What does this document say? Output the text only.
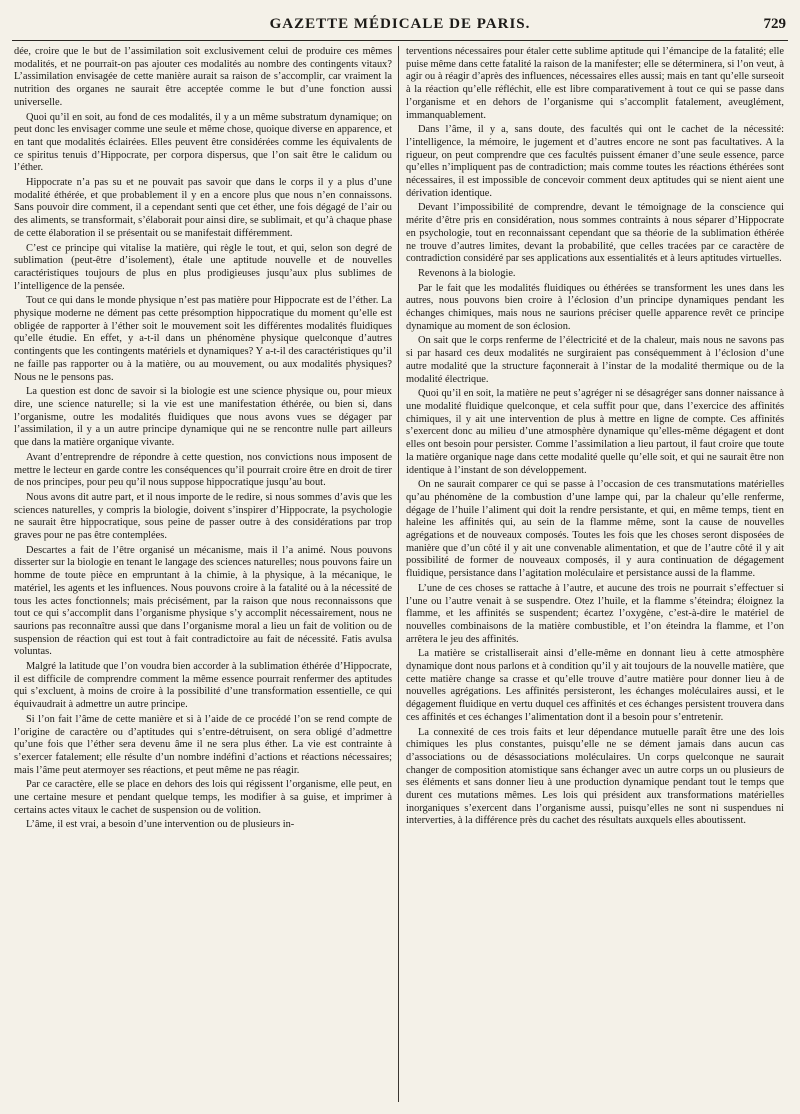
GAZETTE MÉDICALE DE PARIS.	729

dée, croire que le but de l’assimilation soit exclusivement celui de produire ces mêmes modalités, et ne pourrait-on pas ajouter ces modalités au nombre des contingents vitaux? L’assimilation envisagée de cette manière aurait sa raison de s’accomplir, car vraiment la nutrition des organes ne saurait être acceptée comme le but d’une fonction aussi universelle.

Quoi qu’il en soit, au fond de ces modalités, il y a un même substratum dynamique; on peut donc les envisager comme une seule et même chose, quoique diverse en apparence, et en tant que modalités éclairées. Elles peuvent être considérées comme les équivalents de ce spiritus tenuis d’Hippocrate, per corpora dispersus, que l’on sait être le calidum ou l’éther.

Hippocrate n’a pas su et ne pouvait pas savoir que dans le corps il y a plus d’une modalité éthérée, et que probablement il y en a encore plus que nous n’en connaissons. Sans pouvoir dire comment, il a cependant senti que cet éther, une fois dégagé de l’air ou des aliments, se transformait, s’élaborait pour ainsi dire, se sublimait, et qu’à chaque phase de cette élaboration il se présentait ou se manifestait différemment.

C’est ce principe qui vitalise la matière, qui règle le tout, et qui, selon son degré de sublimation (peut-être d’isolement), étale une aptitude nouvelle et de nouvelles caractéristiques toujours de plus en plus prodigieuses jusqu’aux plus sublimes de l’intelligence de la pensée.

Tout ce qui dans le monde physique n’est pas matière pour Hippocrate est de l’éther. La physique moderne ne dément pas cette présomption hippocratique du moment qu’elle est obligée de rapporter à l’éther soit le mouvement soit les différentes modalités fluidiques qu’elle étudie. En effet, y a-t-il dans un phénomène physique quelconque d’autres contingents que les contingents matériels et dynamiques? Y a-t-il des caractéristiques qu’il ne faille pas rapporter ou à la matière, ou au mouvement, ou aux modalités physiques? Nous ne le pensons pas.

La question est donc de savoir si la biologie est une science physique ou, pour mieux dire, une science naturelle; si la vie est une manifestation éthérée, ou bien si, dans l’organisme, outre les modalités fluidiques que nous avons vues se dégager par l’assimilation, il y a un autre principe dynamique qui ne se rencontre nulle part ailleurs que dans la matière organique vivante.

Avant d’entreprendre de répondre à cette question, nos convictions nous imposent de mettre le lecteur en garde contre les conséquences qu’il pourrait croire être en droit de tirer de nos principes, pour peu qu’il nous suppose hippocratique jusqu’au bout.

Nous avons dit autre part, et il nous importe de le redire, si nous sommes d’avis que les sciences naturelles, y compris la biologie, doivent s’inspirer d’Hippocrate, la psychologie ne saurait être hippocratique, sous peine de passer outre à des considérations par trop graves pour ne pas être contemplées.

Descartes a fait de l’être organisé un mécanisme, mais il l’a animé. Nous pouvons disserter sur la biologie en tenant le langage des sciences naturelles; nous pouvons faire un homme de toute pièce en empruntant à la chimie, à la physique, à la mécanique, le matériel, les agents et les influences. Nous pouvons croire à la fatalité ou à la nécessité de tous les actes fonctionnels; mais précisément, par la raison que nous reconnaissons que tout ce qui s’accomplit dans l’organisme physique s’y accomplit nécessairement, nous ne saurions pas reconnaître aussi que dans l’organisme moral a lieu un fait de volition ou de suspension de réaction qui est tout à fait contradictoire au fait de nécessité. Fatis avulsa voluntas.

Malgré la latitude que l’on voudra bien accorder à la sublimation éthérée d’Hippocrate, il est difficile de comprendre comment la même essence pourrait renfermer des aptitudes qui s’excluent, à moins de croire à la possibilité d’une transformation essentielle, ce qui équivaudrait à admettre un autre principe.

Si l’on fait l’âme de cette manière et si à l’aide de ce procédé l’on se rend compte de l’origine de caractère ou d’aptitudes qui s’entre-détruisent, on sera obligé d’admettre qu’une fois que l’éther sera devenu âme il ne sera plus éther. La vie est contrainte à s’exercer fatalement; elle résulte d’un nombre indéfini d’actions et réactions nécessaires; mais l’âme peut atermoyer ses réactions, et peut même ne pas réagir.

Par ce caractère, elle se place en dehors des lois qui régissent l’organisme, elle peut, en une certaine mesure et pendant quelque temps, les modifier à sa guise, et imprimer à certains actes vitaux le cachet de suspension ou de volition.

L’âme, il est vrai, a besoin d’une intervention ou de plusieurs in-

terventions nécessaires pour étaler cette sublime aptitude qui l’émancipe de la fatalité; elle puise même dans cette fatalité la raison de la manifester; elle se déterminera, si l’on veut, à agir ou à réagir d’après des influences, nécessaires elles aussi; mais en tant qu’elle surseoit à la réaction qu’elle réfléchit, elle est libre comparativement à tout ce qui se passe dans l’organisme et en dehors de l’organisme qui s’accomplit fatalement, aveuglément, immanquablement.

Dans l’âme, il y a, sans doute, des facultés qui ont le cachet de la nécessité: l’intelligence, la mémoire, le jugement et d’autres encore ne sont pas facultatives. A la rigueur, on peut comprendre que ces facultés puissent émaner d’une seule essence, parce qu’elles n’impliquent pas de contradiction; mais comme toutes les réactions éthérées sont nécessaires, il est impossible de concevoir comment deux aptitudes qui se nient aient une dérivation identique.

Devant l’impossibilité de comprendre, devant le témoignage de la conscience qui mérite d’être pris en considération, nous sommes contraints à nous séparer d’Hippocrate en psychologie, tout en reconnaissant cependant que sa théorie de la sublimation éthérée ne trouve d’autres limites, devant la probabilité, que celles tracées par ce caractère de contradiction considéré par ses applications aux essentialités et à leurs aptitudes virtuelles.

Revenons à la biologie.

Par le fait que les modalités fluidiques ou éthérées se transforment les unes dans les autres, nous pouvons bien croire à l’éclosion d’un principe dynamiques pendant les échanges chimiques, mais nous ne saurions préciser quelle apparence revêt ce principe dynamique au moment de son éclosion.

On sait que le corps renferme de l’électricité et de la chaleur, mais nous ne savons pas si par hasard ces deux modalités ne surgiraient pas conséquemment à l’éclosion d’une autre modalité que la structure façonnerait à l’instar de la modalité thermique ou de la modalité électrique.

Quoi qu’il en soit, la matière ne peut s’agréger ni se désagréger sans donner naissance à une modalité fluidique quelconque, et cela suffit pour que, dans l’exercice des affinités chimiques, il y ait une intervention de plus à mettre en ligne de compte. Ces affinités s’exercent donc au milieu d’une atmosphère dynamique qu’elles-même dégagent et dont elles ont besoin pour persister. Comme l’assimilation a lieu partout, il faut croire que toute la matière organique nage dans cette modalité quelle qu’elle soit, et qui ne saurait être non identique à l’instant de son développement.

On ne saurait comparer ce qui se passe à l’occasion de ces transmutations matérielles qu’au phénomène de la combustion d’une lampe qui, par la chaleur qu’elle renferme, dégage de l’huile l’aliment qui doit la rendre persistante, et qui, en même temps, tient en haleine les affinités qui, au sein de la flamme même, sont la cause de nouvelles agrégations et de nouveaux composés. Toutes les fois que les choses seront disposées de manière que d’un côté il y ait une convenable alimentation, et que de l’autre côté il y ait possibilité de former de nouveaux composés, il y aura continuation de dégagement fluidique, persistance dans l’agitation moléculaire et persistance aussi de la flamme.

L’une de ces choses se rattache à l’autre, et aucune des trois ne pourrait s’effectuer si l’une ou l’autre venait à se suspendre. Otez l’huile, et la flamme s’éteindra; éloignez la flamme, et les affinités se suspendent; écartez l’oxygène, c’est-à-dire le matériel de nouvelles combinaisons de la matière combustible, et l’on éteindra la flamme, et l’on arrêtera le jeu des affinités.

La matière se cristalliserait ainsi d’elle-même en donnant lieu à cette atmosphère dynamique dont nous parlons et à condition qu’il y ait toujours de la nouvelle matière, que cette matière change sa crasse et qu’elle trouve d’autre matière pour donner lieu à de nouvelles agrégations. Les affinités persisteront, les échanges moléculaires aussi, et le dégagement fluidique en vertu duquel ces affinités et ces échanges persistent trouvera dans ces affinités et ces échanges l’alimentation dont il a besoin pour s’entretenir.

La connexité de ces trois faits et leur dépendance mutuelle paraît être une des lois chimiques les plus constantes, puisqu’elle ne se dément jamais dans aucun cas d’associations ou de désassociations moléculaires. Un corps quelconque ne saurait changer de composition atomistique sans échanger avec un autre corps un ou plusieurs de ses éléments et sans donner lieu à une production dynamique pendant tout le temps que durent ces mutations mêmes. Les lois qui président aux transformations matérielles inorganiques s’exercent dans l’organisme aussi, puisqu’elles ne sont ni suspendues ni interverties, à la différence près du cachet des résultats auxquels elles aboutissent.
